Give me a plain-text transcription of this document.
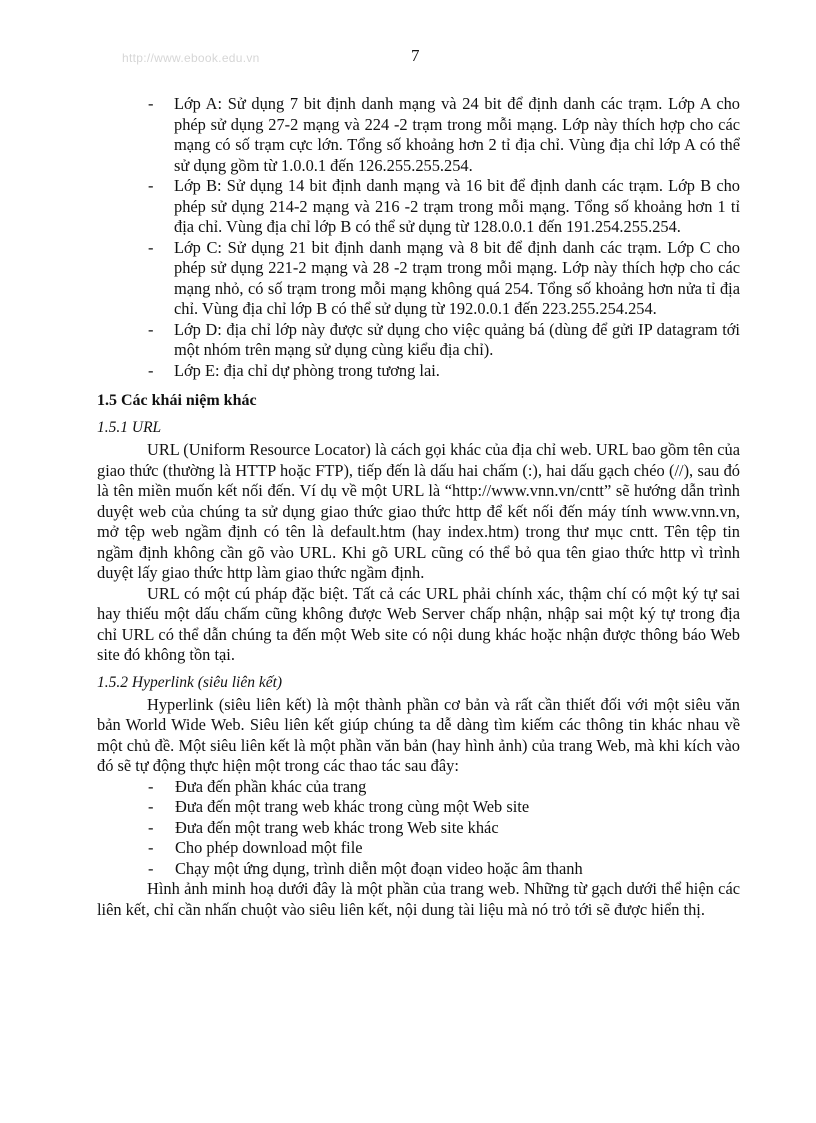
http://www.ebook.edu.vn	7
- Lớp A: Sử dụng 7 bit định danh mạng và 24 bit để định danh các trạm. Lớp A cho phép sử dụng 27-2 mạng và 224 -2 trạm trong mỗi mạng. Lớp này thích hợp cho các mạng có số trạm cực lớn. Tổng số khoảng hơn 2 tỉ địa chỉ. Vùng địa chỉ lớp A có thể sử dụng gồm từ 1.0.0.1 đến 126.255.255.254.
- Lớp B: Sử dụng 14 bit định danh mạng và 16 bit để định danh các trạm. Lớp B cho phép sử dụng 214-2 mạng và 216 -2 trạm trong mỗi mạng. Tổng số khoảng hơn 1 tỉ địa chỉ. Vùng địa chỉ lớp B có thể sử dụng từ 128.0.0.1 đến 191.254.255.254.
- Lớp C: Sử dụng 21 bit định danh mạng và 8 bit để định danh các trạm. Lớp C cho phép sử dụng 221-2 mạng và 28 -2 trạm trong mỗi mạng. Lớp này thích hợp cho các mạng nhỏ, có số trạm trong mỗi mạng không quá 254. Tổng số khoảng hơn nửa tỉ địa chỉ. Vùng địa chỉ lớp B có thể sử dụng từ 192.0.0.1 đến 223.255.254.254.
- Lớp D: địa chỉ lớp này được sử dụng cho việc quảng bá (dùng để gửi IP datagram tới một nhóm trên mạng sử dụng cùng kiểu địa chỉ).
- Lớp E: địa chỉ dự phòng trong tương lai.
1.5 Các khái niệm khác
1.5.1 URL

URL (Uniform Resource Locator) là cách gọi khác của địa chỉ web. URL bao gồm tên của giao thức (thường là HTTP hoặc FTP), tiếp đến là dấu hai chấm (:), hai dấu gạch chéo (//), sau đó là tên miền muốn kết nối đến. Ví dụ về một URL là “http://www.vnn.vn/cntt” sẽ hướng dẫn trình duyệt web của chúng ta sử dụng giao thức giao thức http để kết nối đến máy tính www.vnn.vn, mở tệp web ngầm định có tên là default.htm (hay index.htm) trong thư mục cntt. Tên tệp tin ngầm định không cần gõ vào URL. Khi gõ URL cũng có thể bỏ qua tên giao thức http vì trình duyệt lấy giao thức http làm giao thức ngầm định.

URL có một cú pháp đặc biệt. Tất cả các URL phải chính xác, thậm chí có một ký tự sai hay thiếu một dấu chấm cũng không được Web Server chấp nhận, nhập sai một ký tự trong địa chỉ URL có thể dẫn chúng ta đến một Web site có nội dung khác hoặc nhận được thông báo Web site đó không tồn tại.

1.5.2 Hyperlink (siêu liên kết)

Hyperlink (siêu liên kết) là một thành phần cơ bản và rất cần thiết đối với một siêu văn bản World Wide Web. Siêu liên kết giúp chúng ta dễ dàng tìm kiếm các thông tin khác nhau về một chủ đề. Một siêu liên kết là một phần văn bản (hay hình ảnh) của trang Web, mà khi kích vào đó sẽ tự động thực hiện một trong các thao tác sau đây:

- Đưa đến phần khác của trang
- Đưa đến một trang web khác trong cùng một Web site
- Đưa đến một trang web khác trong Web site khác
- Cho phép download một file
- Chạy một ứng dụng, trình diễn một đoạn video hoặc âm thanh

Hình ảnh minh hoạ dưới đây là một phần của trang web. Những từ gạch dưới thể hiện các liên kết, chỉ cần nhấn chuột vào siêu liên kết, nội dung tài liệu mà nó trỏ tới sẽ được hiển thị.
